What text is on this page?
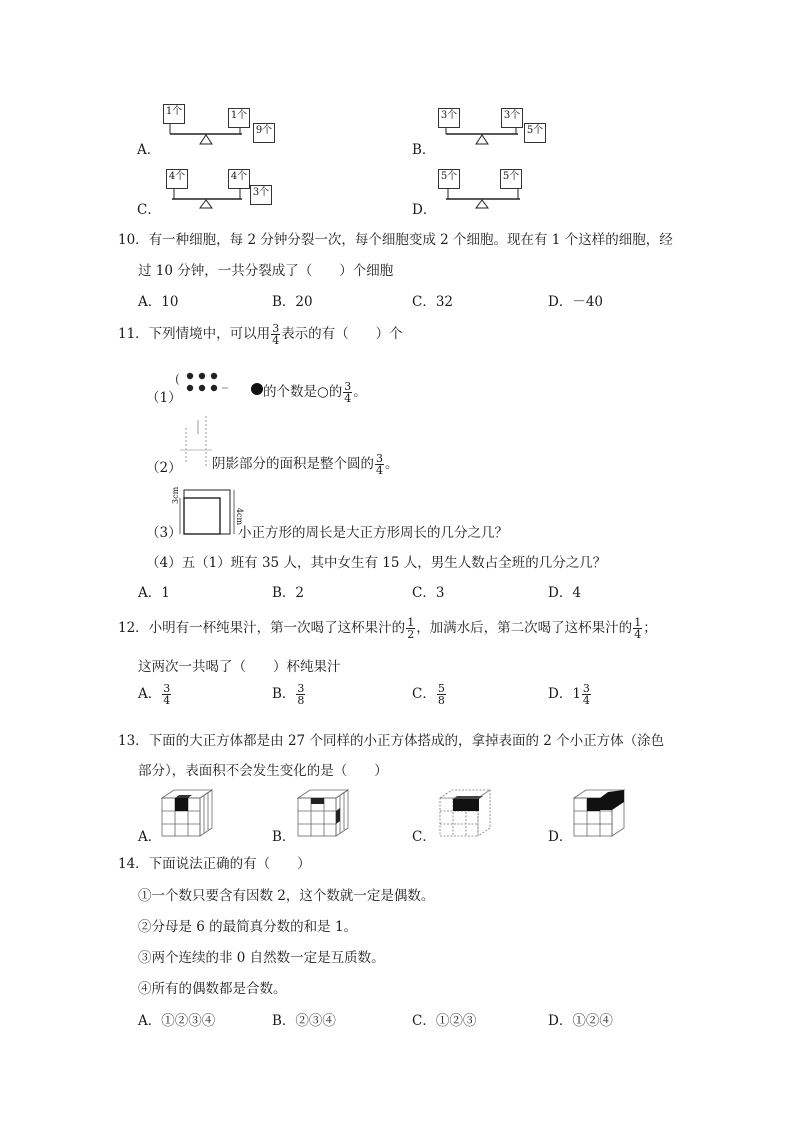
A．
1个	1个
9个
B．
3个	3个
5个
C．
4个	4个
3个
D．
5个	5个
10．有一种细胞，每 2 分钟分裂一次，每个细胞变成 2 个细胞。现在有 1 个这样的细胞，经
过 10 分钟，一共分裂成了（　　）个细胞
A．10	B．20	C．32	D．－40
11．下列情境中，可以用 $\frac{3}{4}$ 表示的有（　　）个
（1）
(
的个数是○的 $\frac{3}{4}$ 。
（2） 阴影部分的面积是整个圆的 $\frac{3}{4}$ 。
（3）
3cm
4cm
小正方形的周长是大正方形周长的几分之几？
（4）五（1）班有 35 人，其中女生有 15 人，男生人数占全班的几分之几？
A．1	B．2	C．3	D．4
12．小明有一杯纯果汁，第一次喝了这杯果汁的 $\frac{1}{2}$ ，加满水后，第二次喝了这杯果汁的 $\frac{1}{4}$ ；
这两次一共喝了（　　）杯纯果汁
A． $\frac{3}{4}$	B． $\frac{3}{8}$	C． $\frac{5}{8}$	D． $1 \frac{3}{4}$
13．下面的大正方体都是由 27 个同样的小正方体搭成的，拿掉表面的 2 个小正方体（涂色
部分），表面积不会发生变化的是（　　）
A．	B．	C．	D．
14．下面说法正确的有（　　）
①一个数只要含有因数 2，这个数就一定是偶数。
②分母是 6 的最简真分数的和是 1。
③两个连续的非 0 自然数一定是互质数。
④所有的偶数都是合数。
A．①②③④	B．②③④	C．①②③	D．①②④
